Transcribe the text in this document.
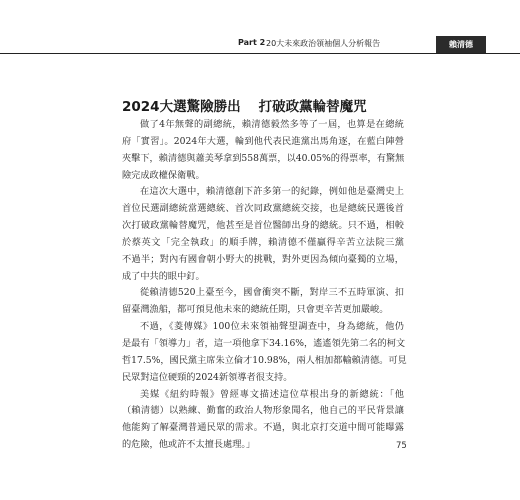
Part 2 20大未來政治領袖個人分析報告	賴清德
2024大選驚險勝出 打破政黨輪替魔咒
做了4年無聲的副總統，賴清德毅然多等了一屆，也算是在總統
府「實習」。2024年大選，輪到他代表民進黨出馬角逐，在藍白陣營
夾擊下，賴清德與蕭美琴拿到558萬票，以40.05%的得票率，有驚無
險完成政權保衛戰。
在這次大選中，賴清德創下許多第一的紀錄，例如他是臺灣史上
首位民選副總統當選總統、首次同政黨總統交接，也是總統民選後首
次打破政黨輪替魔咒，他甚至是首位醫師出身的總統。只不過，相較
於蔡英文「完全執政」的順手牌，賴清德不僅贏得辛苦立法院三黨
不過半；對內有國會朝小野大的挑戰，對外更因為傾向臺獨的立場，
成了中共的眼中釘。
從賴清德520上臺至今，國會衝突不斷，對岸三不五時軍演、扣
留臺灣漁船，都可預見他未來的總統任期，只會更辛苦更加嚴峻。
不過，《菱傳媒》100位未來領袖聲望調查中，身為總統，他仍
是最有「領導力」者，這一項他拿下34.16%，遙遙領先第二名的柯文
哲17.5%，國民黨主席朱立倫才10.98%，兩人相加都輸賴清德。可見
民眾對這位硬頸的2024新領導者很支持。
美媒《紐約時報》曾經專文描述這位草根出身的新總統：「他
（賴清德）以熟練、勤奮的政治人物形象聞名，他自己的平民背景讓
他能夠了解臺灣普通民眾的需求。不過，與北京打交道中間可能曝露
的危險，他或許不太擅長處理。」	75
